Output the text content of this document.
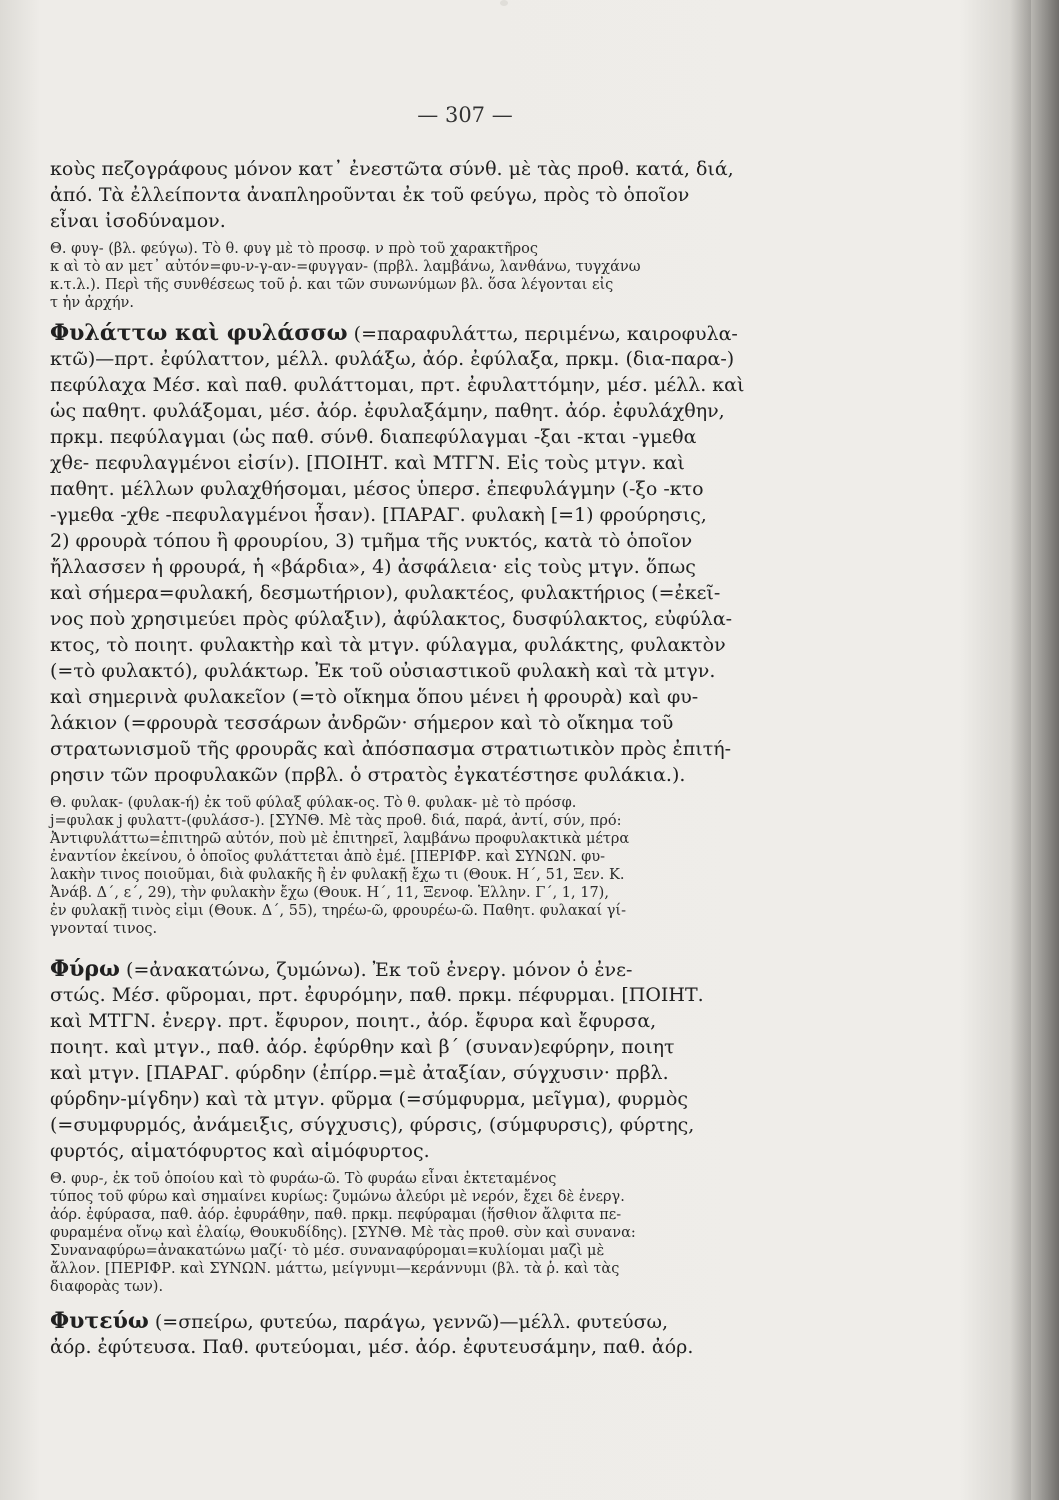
— 307 —
κοὺς πεζογράφους μόνον κατ᾿ ἐνεστῶτα σύνθ. μὲ τὰς προθ. κατά, διά,
ἀπό. Τὰ ἐλλείποντα ἀναπληροῦνται ἐκ τοῦ φεύγω, πρὸς τὸ ὁποῖον
εἶναι ἰσοδύναμον.
Θ. φυγ- (βλ. φεύγω). Τὸ θ. φυγ μὲ τὸ προσφ. ν πρὸ τοῦ χαρακτῆρος
κ αὶ τὸ αν μετ᾿ αὐτόν=φυ-ν-γ-αν-=φυγγαν- (πρβλ. λαμβάνω, λανθάνω, τυγχάνω
κ.τ.λ.). Περὶ τῆς συνθέσεως τοῦ ῥ. και τῶν συνωνύμων βλ. ὅσα λέγονται εἰς
τ ἡν ἀρχήν.
Φυλάττω καὶ φυλάσσω (=παραφυλάττω, περιμένω, καιροφυλα-
κτῶ)—πρτ. ἐφύλαττον, μέλλ. φυλάξω, ἀόρ. ἐφύλαξα, πρκμ. (δια-παρα-)
πεφύλαχα Μέσ. καὶ παθ. φυλάττομαι, πρτ. ἐφυλαττόμην, μέσ. μέλλ. καὶ
ὡς παθητ. φυλάξομαι, μέσ. ἀόρ. ἐφυλαξάμην, παθητ. ἀόρ. ἐφυλάχθην,
πρκμ. πεφύλαγμαι (ὡς παθ. σύνθ. διαπεφύλαγμαι -ξαι -κται -γμεθα
χθε- πεφυλαγμένοι εἰσίν). [ΠΟΙΗΤ. καὶ ΜΤΓΝ. Εἰς τοὺς μτγν. καὶ
παθητ. μέλλων φυλαχθήσομαι, μέσος ὑπερσ. ἐπεφυλάγμην (-ξο -κτο
-γμεθα -χθε -πεφυλαγμένοι ἦσαν). [ΠΑΡΑΓ. φυλακὴ [=1) φρούρησις,
2) φρουρὰ τόπου ἢ φρουρίου, 3) τμῆμα τῆς νυκτός, κατὰ τὸ ὁποῖον
ἤλλασσεν ἡ φρουρά, ἡ «βάρδια», 4) ἀσφάλεια· εἰς τοὺς μτγν. ὅπως
καὶ σήμερα=φυλακή, δεσμωτήριον), φυλακτέος, φυλακτήριος (=ἐκεῖ-
νος ποὺ χρησιμεύει πρὸς φύλαξιν), ἀφύλακτος, δυσφύλακτος, εὐφύλα-
κτος, τὸ ποιητ. φυλακτὴρ καὶ τὰ μτγν. φύλαγμα, φυλάκτης, φυλακτὸν
(=τὸ φυλακτό), φυλάκτωρ. Ἐκ τοῦ οὐσιαστικοῦ φυλακὴ καὶ τὰ μτγν.
καὶ σημερινὰ φυλακεῖον (=τὸ οἴκημα ὅπου μένει ἡ φρουρὰ) καὶ φυ-
λάκιον (=φρουρὰ τεσσάρων ἀνδρῶν· σήμερον καὶ τὸ οἴκημα τοῦ
στρατωνισμοῦ τῆς φρουρᾶς καὶ ἀπόσπασμα στρατιωτικὸν πρὸς ἐπιτή-
ρησιν τῶν προφυλακῶν (πρβλ. ὁ στρατὸς ἐγκατέστησε φυλάκια.).
Θ. φυλακ- (φυλακ-ή) ἐκ τοῦ φύλαξ φύλακ-ος. Τὸ θ. φυλακ- μὲ τὸ πρόσφ.
j=φυλακ j φυλαττ-(φυλάσσ-). [ΣΥΝΘ. Μὲ τὰς προθ. διά, παρά, ἀντί, σύν, πρό:
Ἀντιφυλάττω=ἐπιτηρῶ αὐτόν, ποὺ μὲ ἐπιτηρεῖ, λαμβάνω προφυλακτικὰ μέτρα
ἐναντίον ἐκείνου, ὁ ὁποῖος φυλάττεται ἀπὸ ἐμέ. [ΠΕΡΙΦΡ. καὶ ΣΥΝΩΝ. φυ-
λακὴν τινος ποιοῦμαι, διὰ φυλακῆς ἢ ἐν φυλακῇ ἔχω τι (Θουκ. Η´, 51, Ξεν. Κ.
Ἀνάβ. Δ´, ε´, 29), τὴν φυλακὴν ἔχω (Θουκ. Η´, 11, Ξενοφ. Ἑλλην. Γ´, 1, 17),
ἐν φυλακῇ τινὸς εἰμι (Θουκ. Δ´, 55), τηρέω-ῶ, φρουρέω-ῶ. Παθητ. φυλακαί γί-
γνονταί τινος.
Φύρω (=ἀνακατώνω, ζυμώνω). Ἐκ τοῦ ἐνεργ. μόνον ὁ ἐνε-
στώς. Μέσ. φῦρομαι, πρτ. ἐφυρόμην, παθ. πρκμ. πέφυρμαι. [ΠΟΙΗΤ.
καὶ ΜΤΓΝ. ἐνεργ. πρτ. ἔφυρον, ποιητ., ἀόρ. ἔφυρα καὶ ἔφυρσα,
ποιητ. καὶ μτγν., παθ. ἀόρ. ἐφύρθην καὶ β´ (συναν)εφύρην, ποιητ
καὶ μτγν. [ΠΑΡΑΓ. φύρδην (ἐπίρρ.=μὲ ἀταξίαν, σύγχυσιν· πρβλ.
φύρδην-μίγδην) καὶ τὰ μτγν. φῦρμα (=σύμφυρμα, μεῖγμα), φυρμὸς
(=συμφυρμός, ἀνάμειξις, σύγχυσις), φύρσις, (σύμφυρσις), φύρτης,
φυρτός, αἱματόφυρτος καὶ αἱμόφυρτος.
Θ. φυρ-, ἐκ τοῦ ὁποίου καὶ τὸ φυράω-ῶ. Τὸ φυράω εἶναι ἐκτεταμένος
τύπος τοῦ φύρω καὶ σημαίνει κυρίως: ζυμώνω ἀλεύρι μὲ νερόν, ἔχει δὲ ἐνεργ.
ἀόρ. ἐφύρασα, παθ. ἀόρ. ἐφυράθην, παθ. πρκμ. πεφύραμαι (ἥσθιον ἄλφιτα πε-
φυραμένα οἴνῳ καὶ ἐλαίῳ, Θουκυδίδης). [ΣΥΝΘ. Μὲ τὰς προθ. σὺν καὶ συνανα:
Συναναφύρω=ἀνακατώνω μαζί· τὸ μέσ. συναναφύρομαι=κυλίομαι μαζὶ μὲ
ἄλλον. [ΠΕΡΙΦΡ. καὶ ΣΥΝΩΝ. μάττω, μείγνυμι—κεράννυμι (βλ. τὰ ῥ. καὶ τὰς
διαφορὰς των).
Φυτεύω (=σπείρω, φυτεύω, παράγω, γεννῶ)—μέλλ. φυτεύσω,
ἀόρ. ἐφύτευσα. Παθ. φυτεύομαι, μέσ. ἀόρ. ἐφυτευσάμην, παθ. ἀόρ.
